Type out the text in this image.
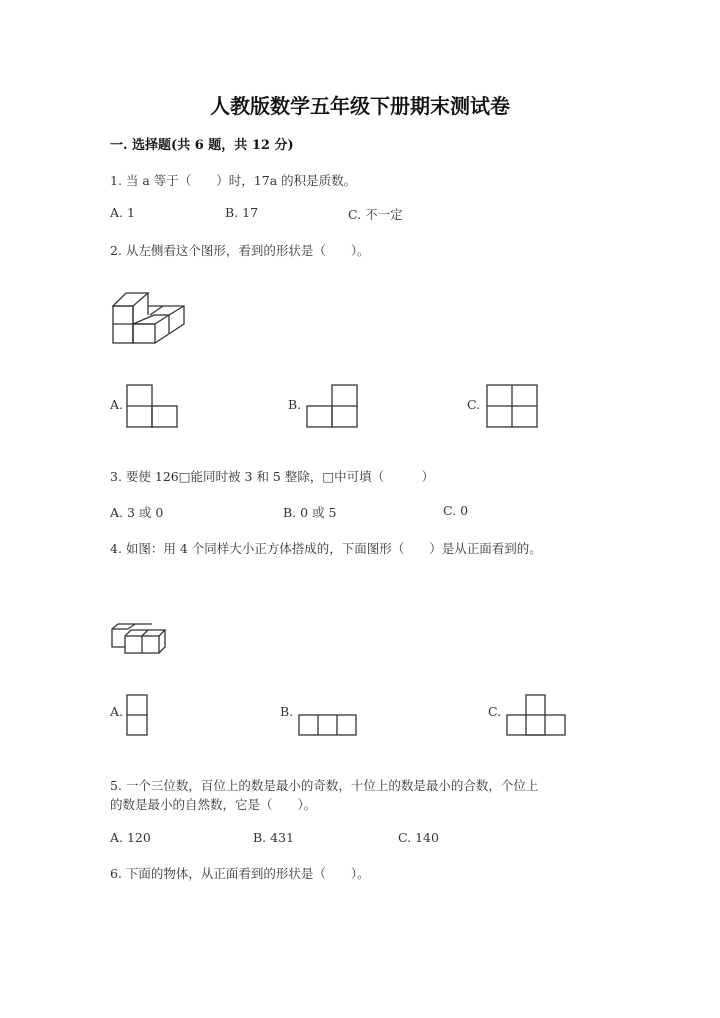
人教版数学五年级下册期末测试卷
一. 选择题(共 6 题，共 12 分)
1. 当 a 等于（　　）时，17a 的积是质数。
A. 1	B. 17	C. 不一定
2. 从左侧看这个图形，看到的形状是（　　）。
A.	B.	C.
3. 要使 126□能同时被 3 和 5 整除，□中可填（　　　）
A. 3 或 0	B. 0 或 5	C. 0
4. 如图：用 4 个同样大小正方体搭成的，下面图形（　　）是从正面看到的。
A.	B.	C.
5. 一个三位数，百位上的数是最小的奇数，十位上的数是最小的合数，个位上
的数是最小的自然数，它是（　　）。
A. 120	B. 431	C. 140
6. 下面的物体，从正面看到的形状是（　　）。
